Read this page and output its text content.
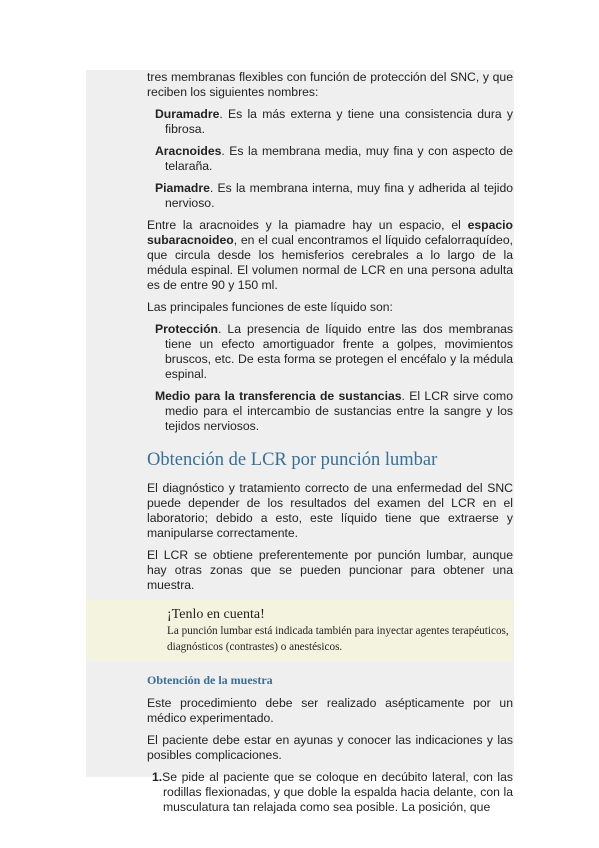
tres membranas flexibles con función de protección del SNC, y que reciben los siguientes nombres:

Duramadre. Es la más externa y tiene una consistencia dura y fibrosa.
Aracnoides. Es la membrana media, muy fina y con aspecto de telaraña.
Piamadre. Es la membrana interna, muy fina y adherida al tejido nervioso.

Entre la aracnoides y la piamadre hay un espacio, el espacio subaracnoideo, en el cual encontramos el líquido cefalorraquídeo, que circula desde los hemisferios cerebrales a lo largo de la médula espinal. El volumen normal de LCR en una persona adulta es de entre 90 y 150 ml.

Las principales funciones de este líquido son:

Protección. La presencia de líquido entre las dos membranas tiene un efecto amortiguador frente a golpes, movimientos bruscos, etc. De esta forma se protegen el encéfalo y la médula espinal.
Medio para la transferencia de sustancias. El LCR sirve como medio para el intercambio de sustancias entre la sangre y los tejidos nerviosos.
Obtención de LCR por punción lumbar

El diagnóstico y tratamiento correcto de una enfermedad del SNC puede depender de los resultados del examen del LCR en el laboratorio; debido a esto, este líquido tiene que extraerse y manipularse correctamente.

El LCR se obtiene preferentemente por punción lumbar, aunque hay otras zonas que se pueden puncionar para obtener una muestra.

¡Tenlo en cuenta!
La punción lumbar está indicada también para inyectar agentes terapéuticos, diagnósticos (contrastes) o anestésicos.
Obtención de la muestra

Este procedimiento debe ser realizado asépticamente por un médico experimentado.

El paciente debe estar en ayunas y conocer las indicaciones y las posibles complicaciones.

1.Se pide al paciente que se coloque en decúbito lateral, con las rodillas flexionadas, y que doble la espalda hacia delante, con la musculatura tan relajada como sea posible. La posición, que
